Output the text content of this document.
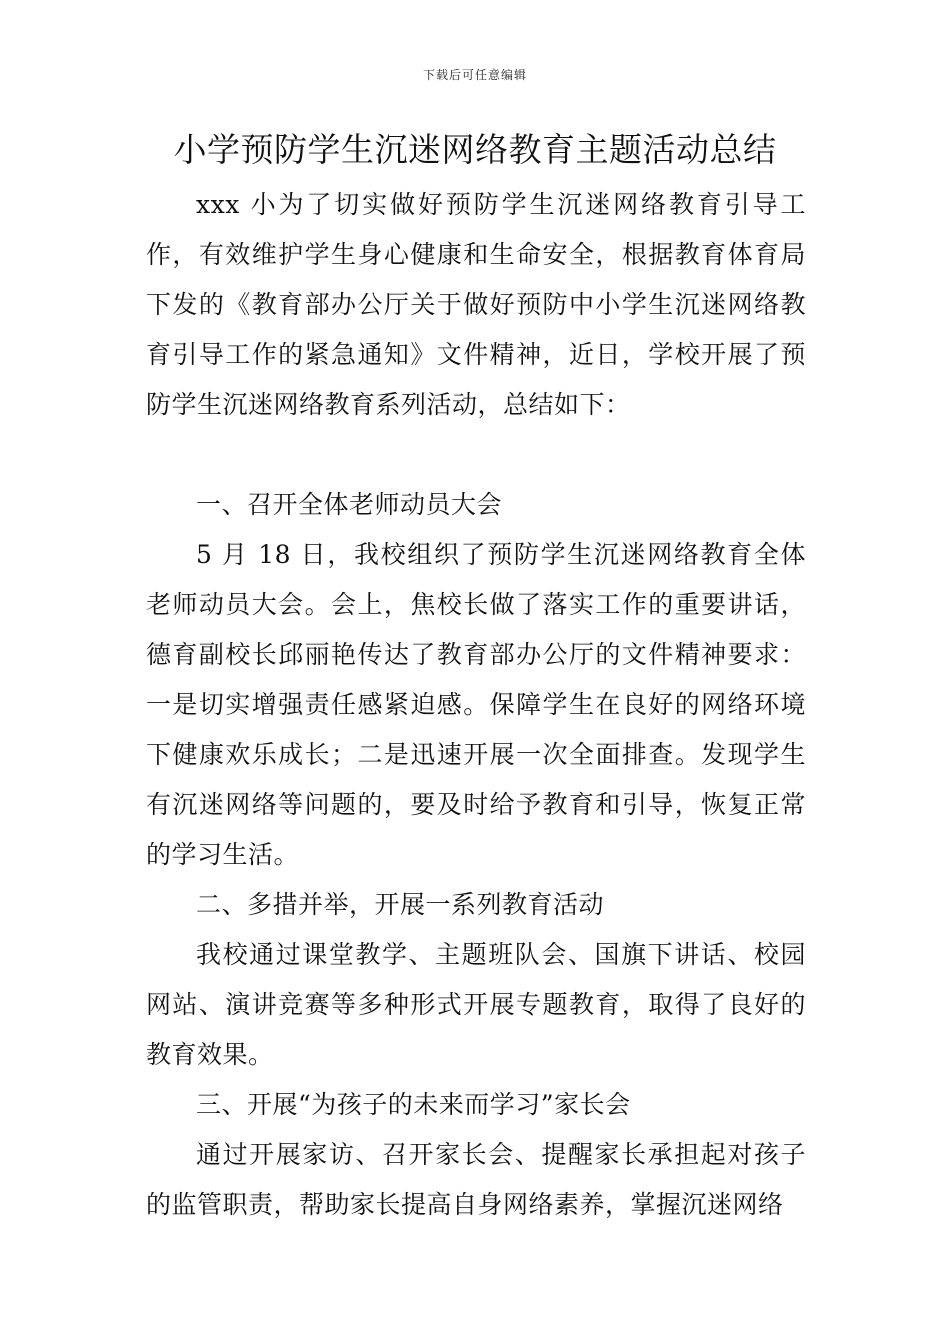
下载后可任意编辑
小学预防学生沉迷网络教育主题活动总结

xxx 小为了切实做好预防学生沉迷网络教育引导工作，有效维护学生身心健康和生命安全，根据教育体育局下发的《教育部办公厅关于做好预防中小学生沉迷网络教育引导工作的紧急通知》文件精神，近日，学校开展了预防学生沉迷网络教育系列活动，总结如下：

一、召开全体老师动员大会

5 月 18 日，我校组织了预防学生沉迷网络教育全体老师动员大会。会上，焦校长做了落实工作的重要讲话，德育副校长邱丽艳传达了教育部办公厅的文件精神要求：一是切实增强责任感紧迫感。保障学生在良好的网络环境下健康欢乐成长；二是迅速开展一次全面排查。发现学生有沉迷网络等问题的，要及时给予教育和引导，恢复正常的学习生活。

二、多措并举，开展一系列教育活动

我校通过课堂教学、主题班队会、国旗下讲话、校园网站、演讲竞赛等多种形式开展专题教育，取得了良好的教育效果。

三、开展“为孩子的未来而学习”家长会

通过开展家访、召开家长会、提醒家长承担起对孩子的监管职责，帮助家长提高自身网络素养，掌握沉迷网络
